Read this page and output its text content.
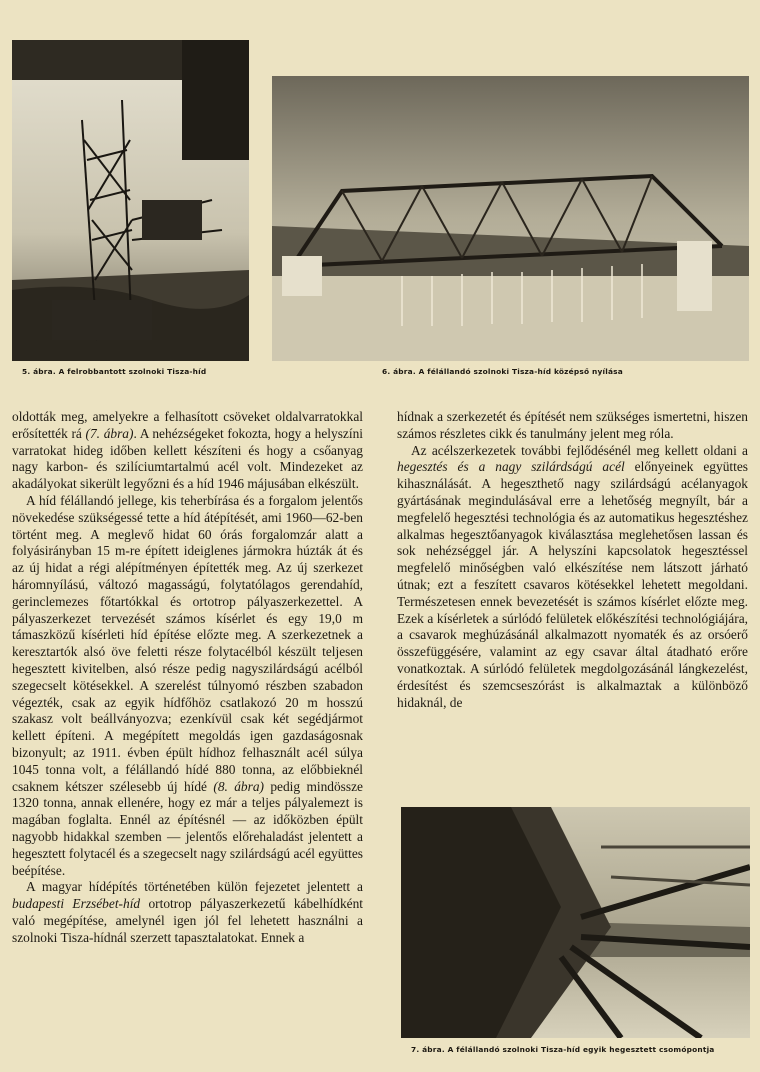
5. ábra. A felrobbantott szolnoki Tisza-híd	6. ábra. A félállandó szolnoki Tisza-híd középső nyílása

oldották meg, amelyekre a felhasított csöveket oldalvarratokkal erősítették rá (7. ábra). A nehézségeket fokozta, hogy a helyszíni varratokat hideg időben kellett készíteni és hogy a csőanyag nagy karbon- és szilíciumtartalmú acél volt. Mindezeket az akadályokat sikerült legyőzni és a híd 1946 májusában elkészült.

A híd félállandó jellege, kis teherbírása és a forgalom jelentős növekedése szükségessé tette a híd átépítését, ami 1960—62-ben történt meg. A meglevő hidat 60 órás forgalomzár alatt a folyásirányban 15 m-re épített ideiglenes jármokra húzták át és az új hidat a régi alépítményen építették meg. Az új szerkezet háromnyílású, változó magasságú, folytatólagos gerendahíd, gerinclemezes főtartókkal és ortotrop pályaszerkezettel. A pályaszerkezet tervezését számos kísérlet és egy 19,0 m támaszközű kísérleti híd építése előzte meg. A szerkezetnek a keresztartók alsó öve feletti része folytacélból készült teljesen hegesztett kivitelben, alsó része pedig nagyszilárdságú acélból szegecselt kötésekkel. A szerelést túlnyomó részben szabadon végezték, csak az egyik hídfőhöz csatlakozó 20 m hosszú szakasz volt beállványozva; ezenkívül csak két segédjármot kellett építeni. A megépített megoldás igen gazdaságosnak bizonyult; az 1911. évben épült hídhoz felhasznált acél súlya 1045 tonna volt, a félállandó hídé 880 tonna, az előbbieknél csaknem kétszer szélesebb új hídé (8. ábra) pedig mindössze 1320 tonna, annak ellenére, hogy ez már a teljes pályalemezt is magában foglalta. Ennél az építésnél — az időközben épült nagyobb hidakkal szemben — jelentős előrehaladást jelentett a hegesztett folytacél és a szegecselt nagy szilárdságú acél együttes beépítése.

A magyar hídépítés történetében külön fejezetet jelentett a budapesti Erzsébet-híd ortotrop pályaszerkezetű kábelhídként való megépítése, amelynél igen jól fel lehetett használni a szolnoki Tisza-hídnál szerzett tapasztalatokat. Ennek a

hídnak a szerkezetét és építését nem szükséges ismertetni, hiszen számos részletes cikk és tanulmány jelent meg róla.

Az acélszerkezetek további fejlődésénél meg kellett oldani a hegesztés és a nagy szilárdságú acél előnyeinek együttes kihasználását. A hegeszthető nagy szilárdságú acélanyagok gyártásának megindulásával erre a lehetőség megnyílt, bár a megfelelő hegesztési technológia és az automatikus hegesztéshez alkalmas hegesztőanyagok kiválasztása meglehetősen lassan és sok nehézséggel jár. A helyszíni kapcsolatok hegesztéssel megfelelő minőségben való elkészítése nem látszott járható útnak; ezt a feszített csavaros kötésekkel lehetett megoldani. Természetesen ennek bevezetését is számos kísérlet előzte meg. Ezek a kísérletek a súrlódó felületek előkészítési technológiájára, a csavarok meghúzásánál alkalmazott nyomaték és az orsóerő összefüggésére, valamint az egy csavar által átadható erőre vonatkoztak. A súrlódó felületek megdolgozásánál lángkezelést, érdesítést és szemcseszórást is alkalmaztak a különböző hidaknál, de

7. ábra. A félállandó szolnoki Tisza-híd egyik hegesztett csomópontja
